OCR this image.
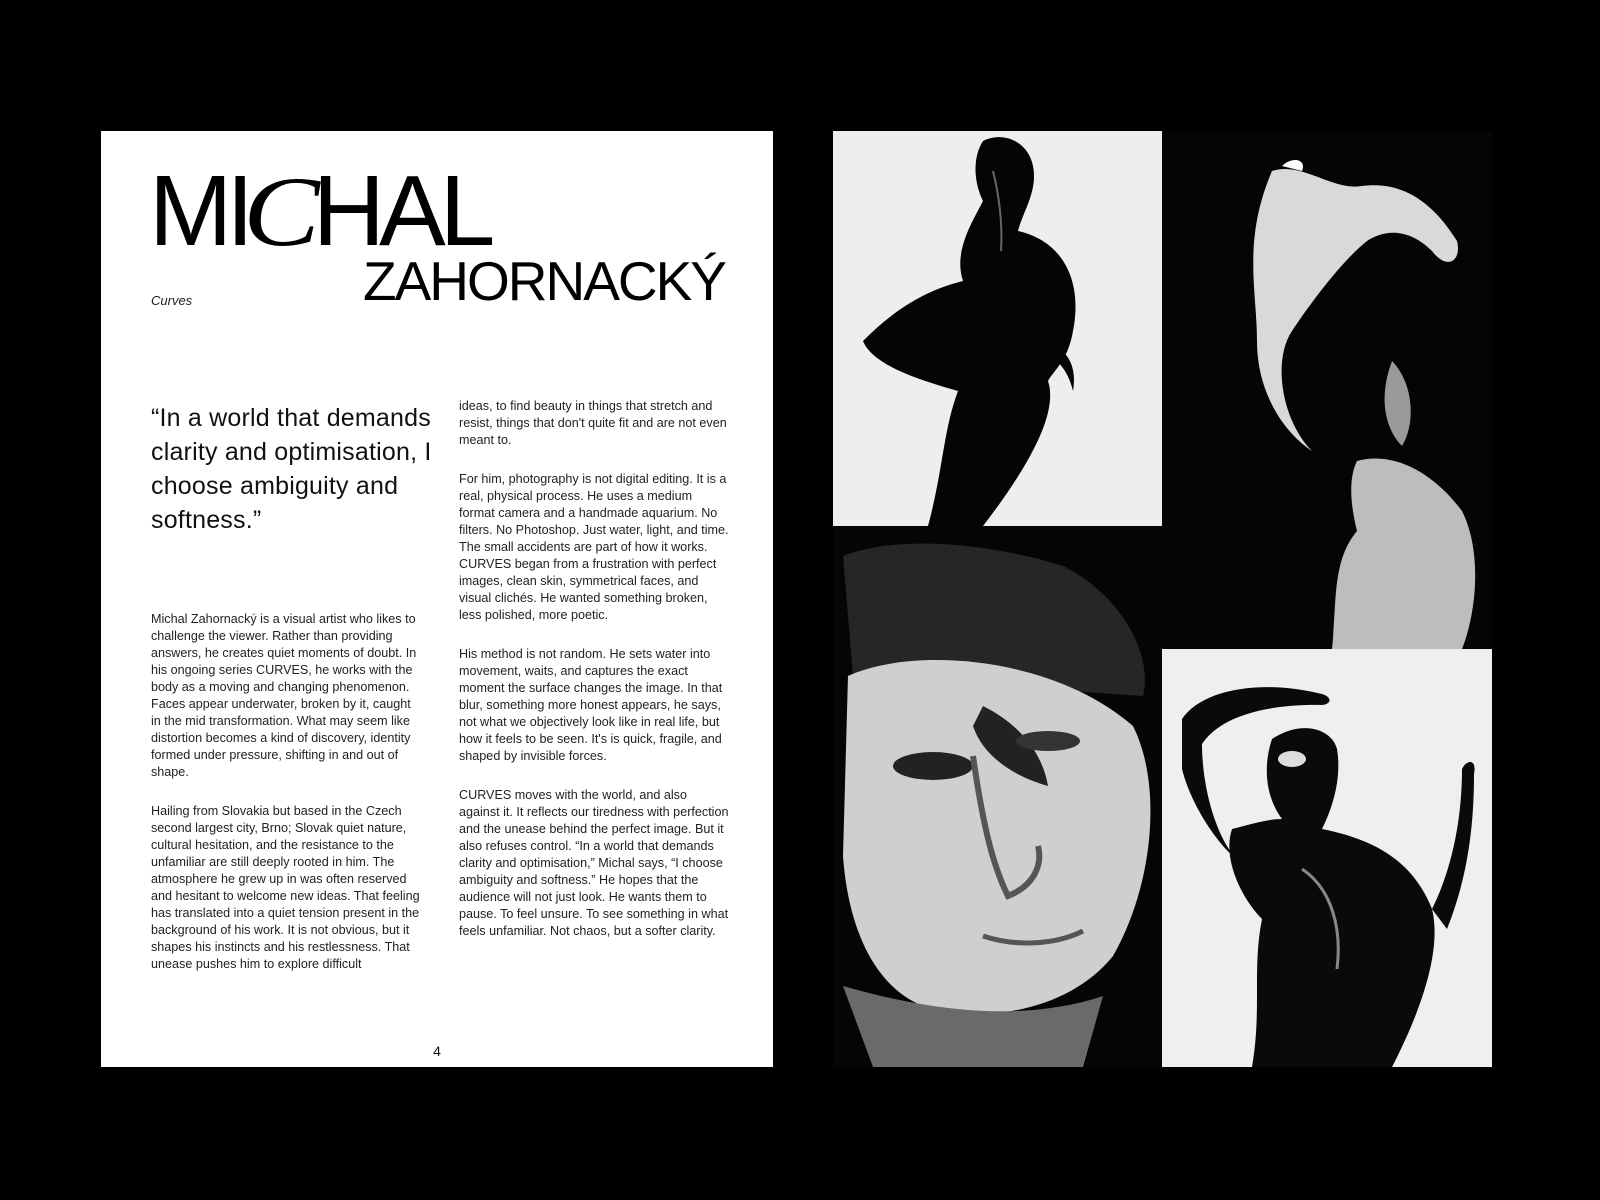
MICHAL
ZAHORNACKÝ
Curves

“In a world that demands clarity and optimisation, I choose ambiguity and softness.”

Michal Zahornacký is a visual artist who likes to challenge the viewer. Rather than providing answers, he creates quiet moments of doubt. In his ongoing series CURVES, he works with the body as a moving and changing phenomenon. Faces appear underwater, broken by it, caught in the mid transformation. What may seem like distortion becomes a kind of discovery, identity formed under pressure, shifting in and out of shape.

Hailing from Slovakia but based in the Czech second largest city, Brno; Slovak quiet nature, cultural hesitation, and the resistance to the unfamiliar are still deeply rooted in him. The atmosphere he grew up in was often reserved and hesitant to welcome new ideas. That feeling has translated into a quiet tension present in the background of his work. It is not obvious, but it shapes his instincts and his restlessness. That unease pushes him to explore difficult

ideas, to find beauty in things that stretch and resist, things that don't quite fit and are not even meant to.

For him, photography is not digital editing. It is a real, physical process. He uses a medium format camera and a handmade aquarium. No filters. No Photoshop. Just water, light, and time. The small accidents are part of how it works. CURVES began from a frustration with perfect images, clean skin, symmetrical faces, and visual clichés. He wanted something broken, less polished, more poetic.

His method is not random. He sets water into movement, waits, and captures the exact moment the surface changes the image. In that blur, something more honest appears, he says, not what we objectively look like in real life, but how it feels to be seen. It's is quick, fragile, and shaped by invisible forces.

CURVES moves with the world, and also against it. It reflects our tiredness with perfection and the unease behind the perfect image. But it also refuses control. “In a world that demands clarity and optimisation,” Michal says, “I choose ambiguity and softness.” He hopes that the audience will not just look. He wants them to pause. To feel unsure. To see something in what feels unfamiliar. Not chaos, but a softer clarity.

4
